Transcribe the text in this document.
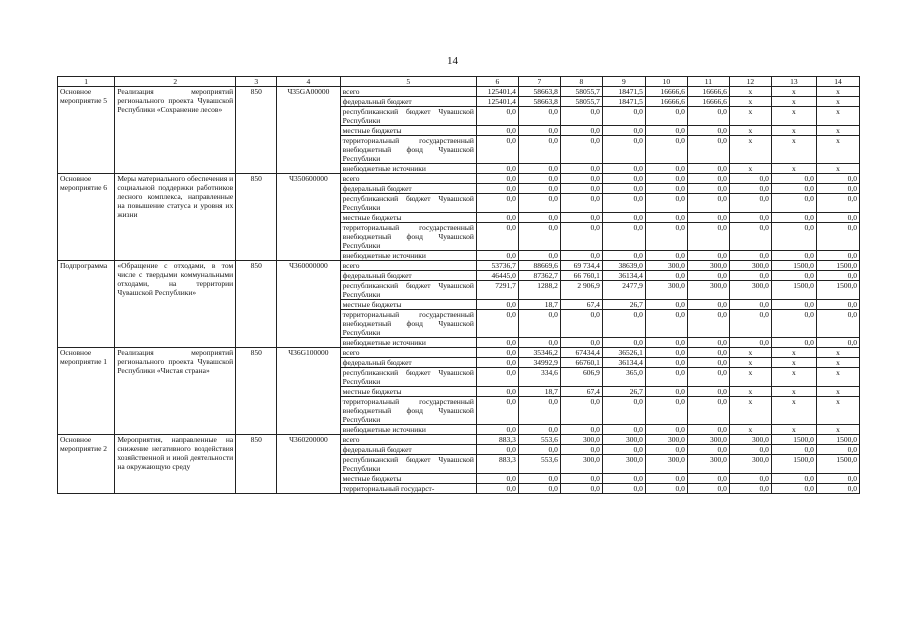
14
1	2	3	4	5	6	7	8	9	10	11	12	13	14
Основное мероприятие 5	Реализация мероприятий регионального проекта Чувашской Республики «Сохранение лесов»	850	Ч35GA00000	всего	125401,4	58663,8	58055,7	18471,5	16666,6	16666,6	x	x	x
				федеральный бюджет	125401,4	58663,8	58055,7	18471,5	16666,6	16666,6	x	x	x
				республиканский бюджет Чувашской Республики	0,0	0,0	0,0	0,0	0,0	0,0	x	x	x
				местные бюджеты	0,0	0,0	0,0	0,0	0,0	0,0	x	x	x
				территориальный государственный внебюджетный фонд Чувашской Республики	0,0	0,0	0,0	0,0	0,0	0,0	x	x	x
				внебюджетные источники	0,0	0,0	0,0	0,0	0,0	0,0	x	x	x
Основное мероприятие 6	Меры материального обеспечения и социальной поддержки работников лесного комплекса, направленные на повышение статуса и уровня их жизни	850	Ч350600000	всего	0,0	0,0	0,0	0,0	0,0	0,0	0,0	0,0	0,0
				федеральный бюджет	0,0	0,0	0,0	0,0	0,0	0,0	0,0	0,0	0,0
				республиканский бюджет Чувашской Республики	0,0	0,0	0,0	0,0	0,0	0,0	0,0	0,0	0,0
				местные бюджеты	0,0	0,0	0,0	0,0	0,0	0,0	0,0	0,0	0,0
				территориальный государственный внебюджетный фонд Чувашской Республики	0,0	0,0	0,0	0,0	0,0	0,0	0,0	0,0	0,0
				внебюджетные источники	0,0	0,0	0,0	0,0	0,0	0,0	0,0	0,0	0,0
Подпрограмма	«Обращение с отходами, в том числе с твердыми коммунальными отходами, на территории Чувашской Республики»	850	Ч360000000	всего	53736,7	88669,6	69 734,4	38639,0	300,0	300,0	300,0	1500,0	1500,0
				федеральный бюджет	46445,0	87362,7	66 760,1	36134,4	0,0	0,0	0,0	0,0	0,0
				республиканский бюджет Чувашской Республики	7291,7	1288,2	2 906,9	2477,9	300,0	300,0	300,0	1500,0	1500,0
				местные бюджеты	0,0	18,7	67,4	26,7	0,0	0,0	0,0	0,0	0,0
				территориальный государственный внебюджетный фонд Чувашской Республики	0,0	0,0	0,0	0,0	0,0	0,0	0,0	0,0	0,0
				внебюджетные источники	0,0	0,0	0,0	0,0	0,0	0,0	0,0	0,0	0,0
Основное мероприятие 1	Реализация мероприятий регионального проекта Чувашской Республики «Чистая страна»	850	Ч36G100000	всего	0,0	35346,2	67434,4	36526,1	0,0	0,0	x	x	x
				федеральный бюджет	0,0	34992,9	66760,1	36134,4	0,0	0,0	x	x	x
				республиканский бюджет Чувашской Республики	0,0	334,6	606,9	365,0	0,0	0,0	x	x	x
				местные бюджеты	0,0	18,7	67,4	26,7	0,0	0,0	x	x	x
				территориальный государственный внебюджетный фонд Чувашской Республики	0,0	0,0	0,0	0,0	0,0	0,0	x	x	x
				внебюджетные источники	0,0	0,0	0,0	0,0	0,0	0,0	x	x	x
Основное мероприятие 2	Мероприятия, направленные на снижение негативного воздействия хозяйственной и иной деятельности на окружающую среду	850	Ч360200000	всего	883,3	553,6	300,0	300,0	300,0	300,0	300,0	1500,0	1500,0
				федеральный бюджет	0,0	0,0	0,0	0,0	0,0	0,0	0,0	0,0	0,0
				республиканский бюджет Чувашской Республики	883,3	553,6	300,0	300,0	300,0	300,0	300,0	1500,0	1500,0
				местные бюджеты	0,0	0,0	0,0	0,0	0,0	0,0	0,0	0,0	0,0
				территориальный государст-	0,0	0,0	0,0	0,0	0,0	0,0	0,0	0,0	0,0
